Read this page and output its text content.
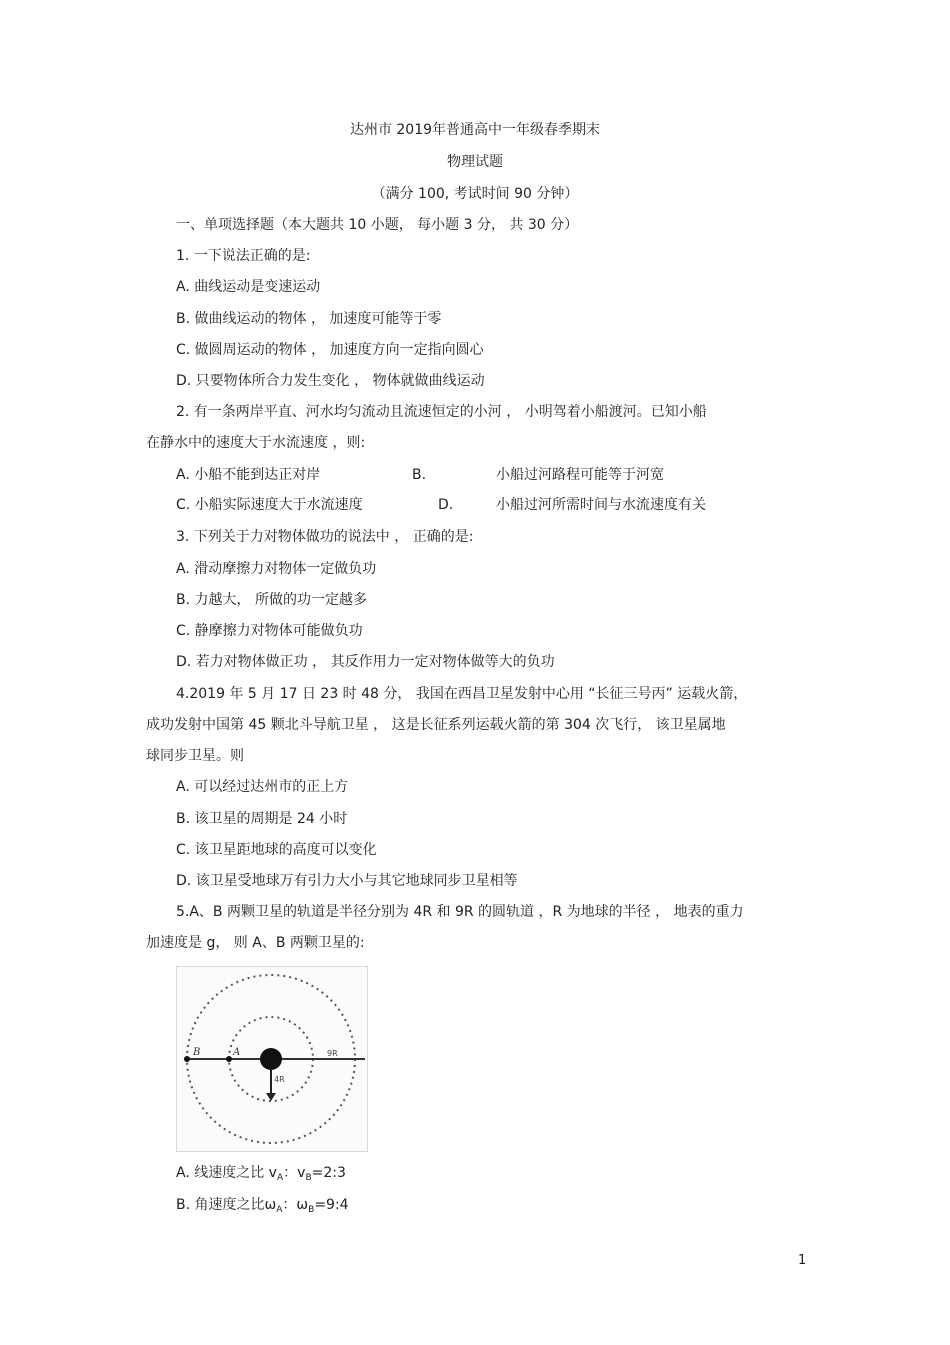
达州市 2019年普通高中一年级春季期末
物理试题
（满分 100, 考试时间 90 分钟）
一、单项选择题（本大题共 10 小题， 每小题 3 分， 共 30 分）
1. 一下说法正确的是:
A. 曲线运动是变速运动
B. 做曲线运动的物体 ， 加速度可能等于零
C. 做圆周运动的物体 ， 加速度方向一定指向圆心
D. 只要物体所合力发生变化 ， 物体就做曲线运动
2. 有一条两岸平直、河水均匀流动且流速恒定的小河 ， 小明驾着小船渡河。已知小船
在静水中的速度大于水流速度 ，则:
A. 小船不能到达正对岸	B.	小船过河路程可能等于河宽
C. 小船实际速度大于水流速度	D.	小船过河所需时间与水流速度有关
3. 下列关于力对物体做功的说法中 ， 正确的是:
A. 滑动摩擦力对物体一定做负功
B. 力越大， 所做的功一定越多
C. 静摩擦力对物体可能做负功
D. 若力对物体做正功 ， 其反作用力一定对物体做等大的负功
4.2019 年 5 月 17 日 23 时 48 分， 我国在西昌卫星发射中心用 “长征三号丙” 运载火箭，
成功发射中国第 45 颗北斗导航卫星 ， 这是长征系列运载火箭的第 304 次飞行， 该卫星属地
球同步卫星。则
A. 可以经过达州市的正上方
B. 该卫星的周期是 24 小时
C. 该卫星距地球的高度可以变化
D. 该卫星受地球万有引力大小与其它地球同步卫星相等
5.A、B 两颗卫星的轨道是半径分别为 4R 和 9R 的圆轨道 ，R 为地球的半径 ， 地表的重力
加速度是 g， 则 A、B 两颗卫星的:
B	A	9R
4R
A. 线速度之比 $v_A$：$v_B=2:3$
B. 角速度之比$\omega_A$：$\omega_B=9:4$
1
